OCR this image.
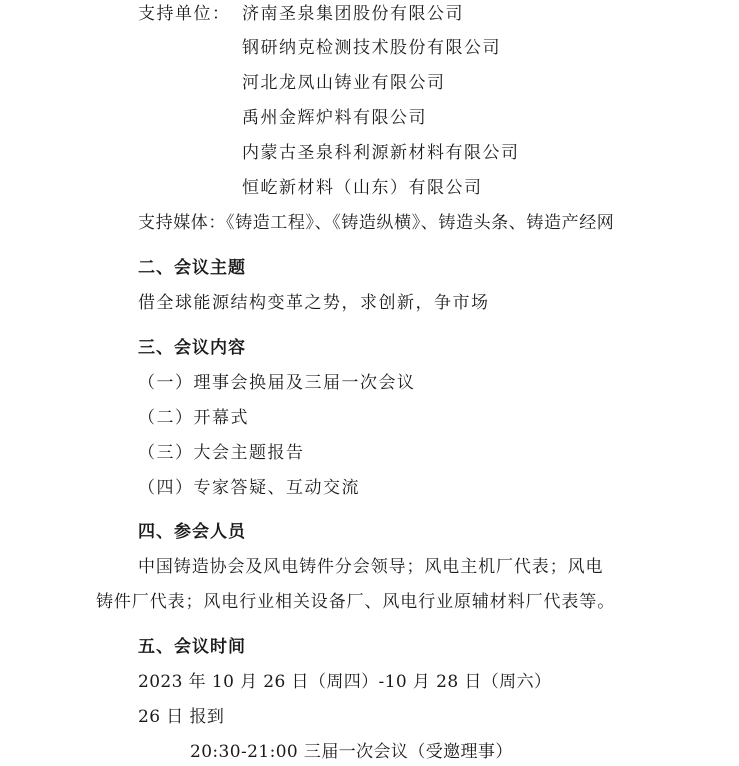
支持单位： 济南圣泉集团股份有限公司
钢研纳克检测技术股份有限公司
河北龙凤山铸业有限公司
禹州金辉炉料有限公司
内蒙古圣泉科利源新材料有限公司
恒屹新材料（山东）有限公司
支持媒体：《铸造工程》、《铸造纵横》、铸造头条、铸造产经网
二、会议主题
借全球能源结构变革之势，求创新，争市场
三、会议内容
（一）理事会换届及三届一次会议
（二）开幕式
（三）大会主题报告
（四）专家答疑、互动交流
四、参会人员
中国铸造协会及风电铸件分会领导；风电主机厂代表；风电
铸件厂代表；风电行业相关设备厂、风电行业原辅材料厂代表等。
五、会议时间
2023 年 10 月 26 日（周四）-10 月 28 日（周六）
26 日 报到
20:30-21:00 三届一次会议（受邀理事）
